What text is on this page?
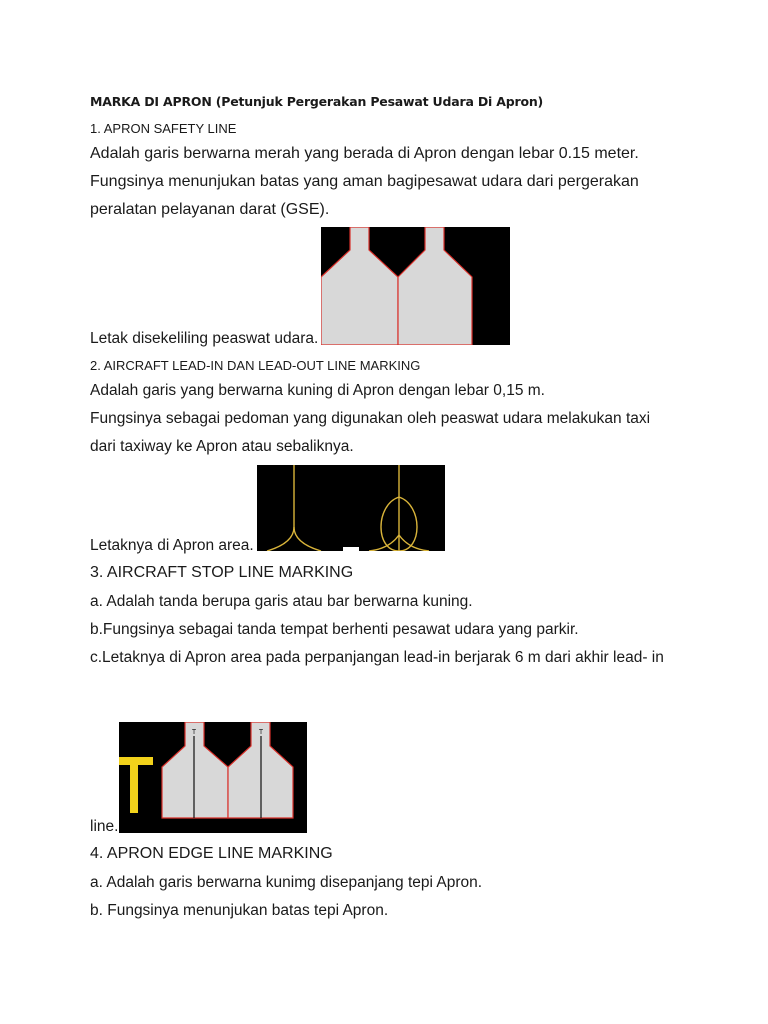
MARKA DI APRON (Petunjuk Pergerakan Pesawat Udara Di Apron)
1. APRON SAFETY LINE
Adalah garis berwarna merah yang berada di Apron dengan lebar 0.15 meter.
Fungsinya menunjukan batas yang aman bagipesawat udara dari pergerakan
peralatan pelayanan darat (GSE).
Letak disekeliling peaswat udara.
2. AIRCRAFT LEAD-IN DAN LEAD-OUT LINE MARKING
Adalah garis yang berwarna kuning di Apron dengan lebar 0,15 m.
Fungsinya sebagai pedoman yang digunakan oleh peaswat udara melakukan taxi
dari taxiway ke Apron atau sebaliknya.
Letaknya di Apron area.
3. AIRCRAFT STOP LINE MARKING
a. Adalah tanda berupa garis atau bar berwarna kuning.
b.Fungsinya sebagai tanda tempat berhenti pesawat udara yang parkir.
c.Letaknya di Apron area pada perpanjangan lead-in berjarak 6 m dari akhir lead- in
T	T
line.
4. APRON EDGE LINE MARKING
a. Adalah garis berwarna kunimg disepanjang tepi Apron.
b. Fungsinya menunjukan batas tepi Apron.
